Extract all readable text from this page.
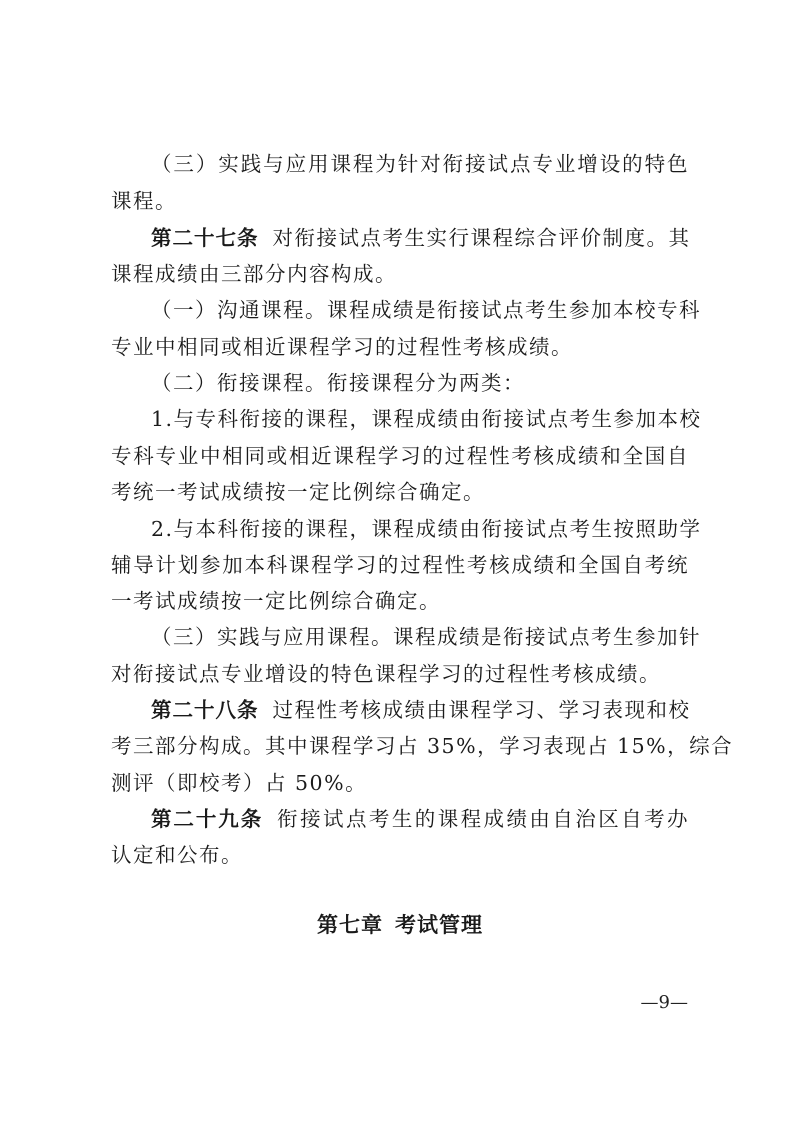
（三）实践与应用课程为针对衔接试点专业增设的特色
课程。
第二十七条 对衔接试点考生实行课程综合评价制度。其
课程成绩由三部分内容构成。
（一）沟通课程。课程成绩是衔接试点考生参加本校专科
专业中相同或相近课程学习的过程性考核成绩。
（二）衔接课程。衔接课程分为两类：
1.与专科衔接的课程，课程成绩由衔接试点考生参加本校
专科专业中相同或相近课程学习的过程性考核成绩和全国自
考统一考试成绩按一定比例综合确定。
2.与本科衔接的课程，课程成绩由衔接试点考生按照助学
辅导计划参加本科课程学习的过程性考核成绩和全国自考统
一考试成绩按一定比例综合确定。
（三）实践与应用课程。课程成绩是衔接试点考生参加针
对衔接试点专业增设的特色课程学习的过程性考核成绩。
第二十八条 过程性考核成绩由课程学习、学习表现和校
考三部分构成。其中课程学习占 35%，学习表现占 15%，综合
测评（即校考）占 50%。
第二十九条 衔接试点考生的课程成绩由自治区自考办
认定和公布。
第七章 考试管理
—9—
